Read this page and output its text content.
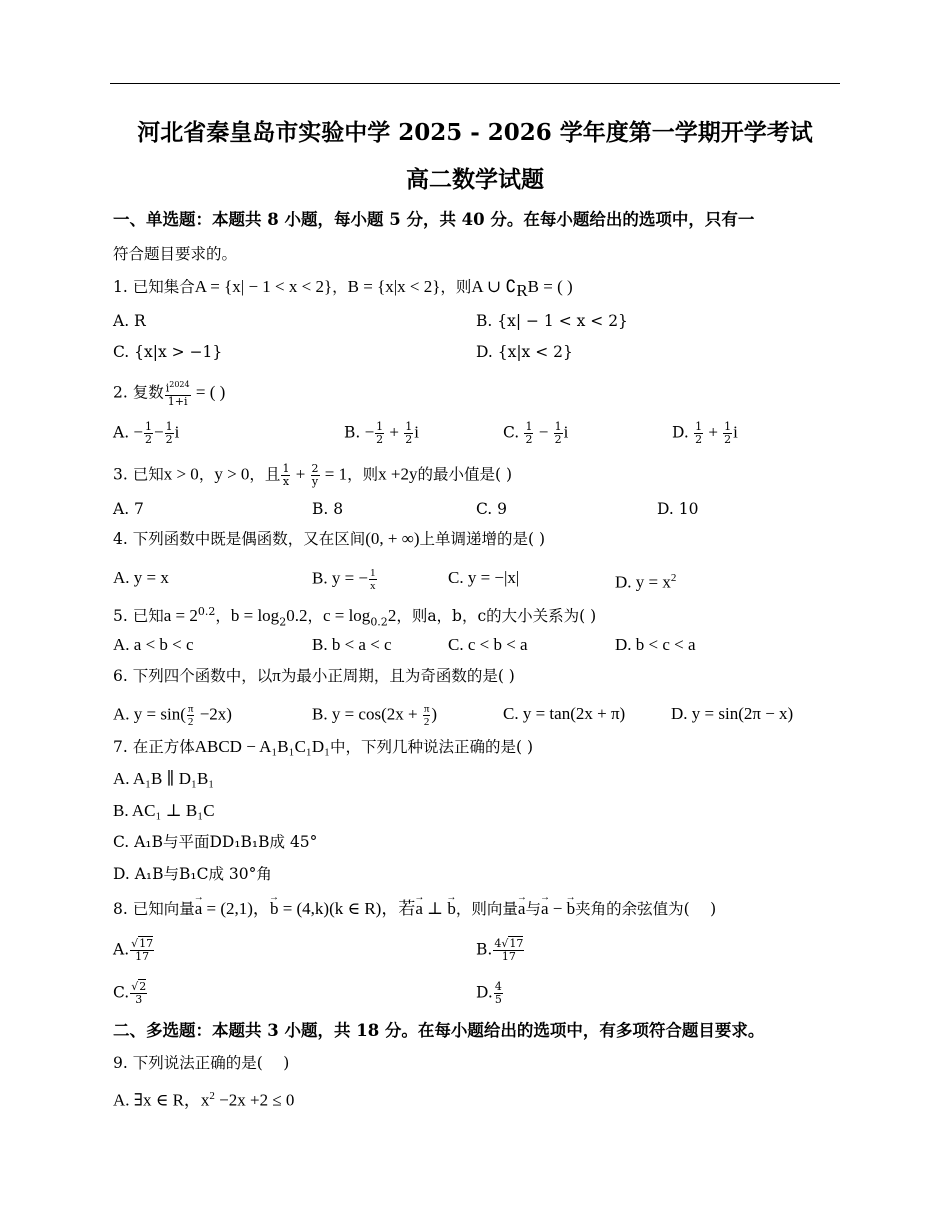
河北省秦皇岛市实验中学 2025 - 2026 学年度第一学期开学考试
高二数学试题
一、单选题：本题共 8 小题，每小题 5 分，共 40 分。在每小题给出的选项中，只有一
符合题目要求的。
1. 已知集合A = {x| − 1 < x < 2}，B = {x|x < 2}，则A ∪ $∁_RB$ = ( )
A. R	B. {x| − 1 < x < 2}
C. {x|x > −1}	D. {x|x < 2}
2. 复数 $\frac{i^{2024}}{1+i}$ = ( )
A. − $\frac{1}{2} - \frac{1}{2}$ i	B. − $\frac{1}{2} + \frac{1}{2}$ i	C. $\frac{1}{2} - \frac{1}{2}$ i	D. $\frac{1}{2} + \frac{1}{2}$ i
3. 已知x > 0，y > 0，且 $\frac{1}{x} + \frac{2}{y} = 1$，则x +2y的最小值是( )
A. 7	B. 8	C. 9	D. 10
4. 下列函数中既是偶函数，又在区间(0, + ∞)上单调递增的是( )
A. y = x	B. y = − $\frac{1}{x}$	C. y = −|x|	D. $y = x^2$
5. 已知$a = 2^{0.2}$，$b = \log_20.2$，$c = \log_{0.2}2$，则a，b，c的大小关系为( )
A. a < b < c	B. b < a < c	C. c < b < a	D. b < c < a
6. 下列四个函数中，以π为最小正周期，且为奇函数的是( )
A. $y = \sin( \frac{\pi}{2} -2x)$	B. $y = \cos(2x + \frac{\pi}{2}$ )	C. y = tan(2x + π)	D. y = sin(2π − x)
7. 在正方体ABCD − A₁B₁C₁D₁中，下列几种说法正确的是( )
A. A₁B ∥ D₁B₁
B. AC₁ ⊥ B₁C
C. A₁B与平面DD₁B₁B成 45°
D. A₁B与B₁C成 30°角
8. 已知向量→ a = (2,1)，→ b = (4,k)(k ∈ R)，若→ a ⊥ → b，则向量→ a与→ a − → b夹角的余弦值为(　 )
A. $\frac{√17}{17}$	B. $\frac{4√17}{17}$
C. $\frac{√2}{3}$	D. $\frac{4}{5}$
二、多选题：本题共 3 小题，共 18 分。在每小题给出的选项中，有多项符合题目要求。
9. 下列说法正确的是(　 )
A. ∃x ∈ R，$x^2 -2x +2 \le 0$
